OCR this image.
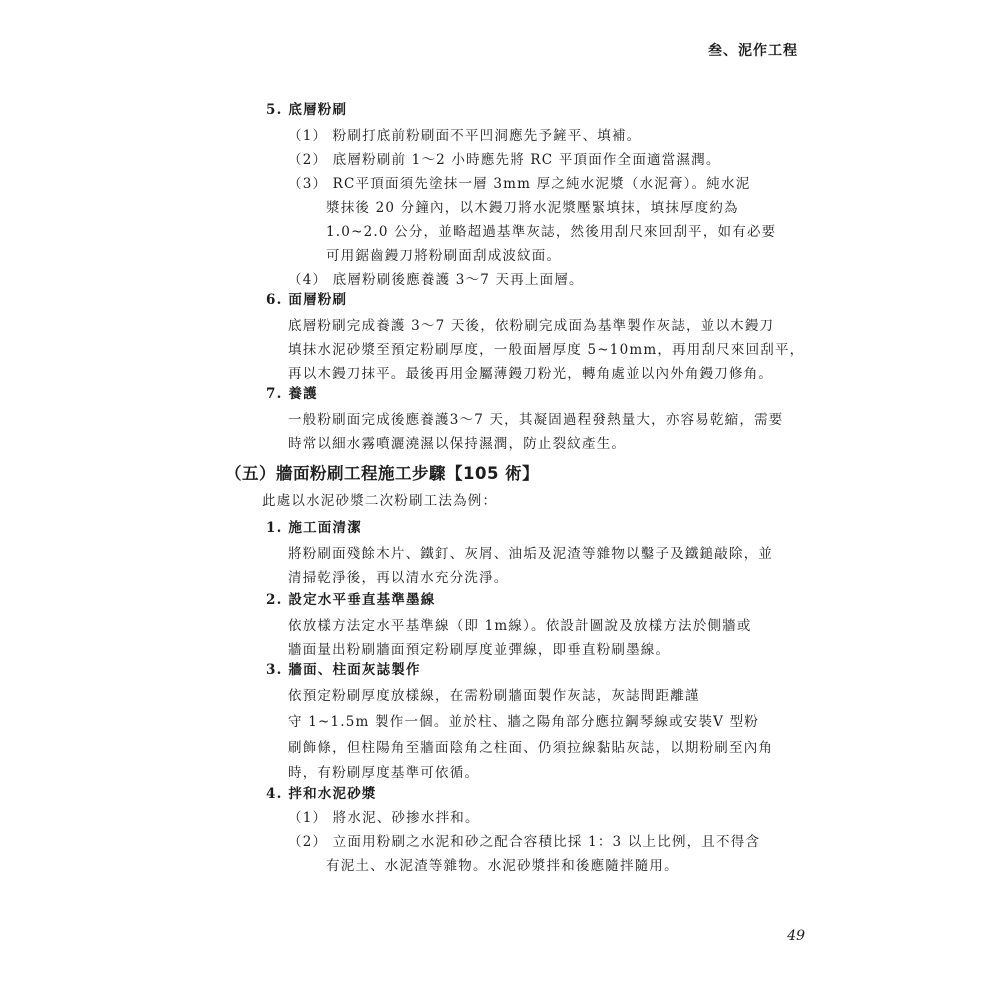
叁、泥作工程
5. 底層粉刷
（1） 粉刷打底前粉刷面不平凹洞應先予鏟平、填補。
（2） 底層粉刷前 1～2 小時應先將 RC 平頂面作全面適當濕潤。
（3） RC平頂面須先塗抹一層 3mm 厚之純水泥漿（水泥膏）。純水泥
漿抹後 20 分鐘內，以木鏝刀將水泥漿壓緊填抹，填抹厚度約為
1.0~2.0 公分，並略超過基準灰誌，然後用刮尺來回刮平，如有必要
可用鋸齒鏝刀將粉刷面刮成波紋面。
（4） 底層粉刷後應養護 3～7 天再上面層。
6. 面層粉刷
底層粉刷完成養護 3～7 天後，依粉刷完成面為基準製作灰誌，並以木鏝刀
填抹水泥砂漿至預定粉刷厚度，一般面層厚度 5~10mm，再用刮尺來回刮平，
再以木鏝刀抹平。最後再用金屬薄鏝刀粉光，轉角處並以內外角鏝刀修角。
7. 養護
一般粉刷面完成後應養護3～7 天，其凝固過程發熱量大，亦容易乾縮，需要
時常以細水霧噴灑澆濕以保持濕潤，防止裂紋產生。
（五）牆面粉刷工程施工步驟【105 術】
此處以水泥砂漿二次粉刷工法為例：
1. 施工面清潔
將粉刷面殘餘木片、鐵釘、灰屑、油垢及泥渣等雜物以鑿子及鐵鎚敲除，並
清掃乾淨後，再以清水充分洗淨。
2. 設定水平垂直基準墨線
依放樣方法定水平基準線（即 1m線）。依設計圖說及放樣方法於側牆或
牆面量出粉刷牆面預定粉刷厚度並彈線，即垂直粉刷墨線。
3. 牆面、柱面灰誌製作
依預定粉刷厚度放樣線，在需粉刷牆面製作灰誌，灰誌間距離謹
守 1~1.5m 製作一個。並於柱、牆之陽角部分應拉鋼琴線或安裝V 型粉
刷飾條，但柱陽角至牆面陰角之柱面、仍須拉線黏貼灰誌，以期粉刷至內角
時，有粉刷厚度基準可依循。
4. 拌和水泥砂漿
（1） 將水泥、砂掺水拌和。
（2） 立面用粉刷之水泥和砂之配合容積比採 1：3 以上比例，且不得含
有泥土、水泥渣等雜物。水泥砂漿拌和後應隨拌隨用。
49
